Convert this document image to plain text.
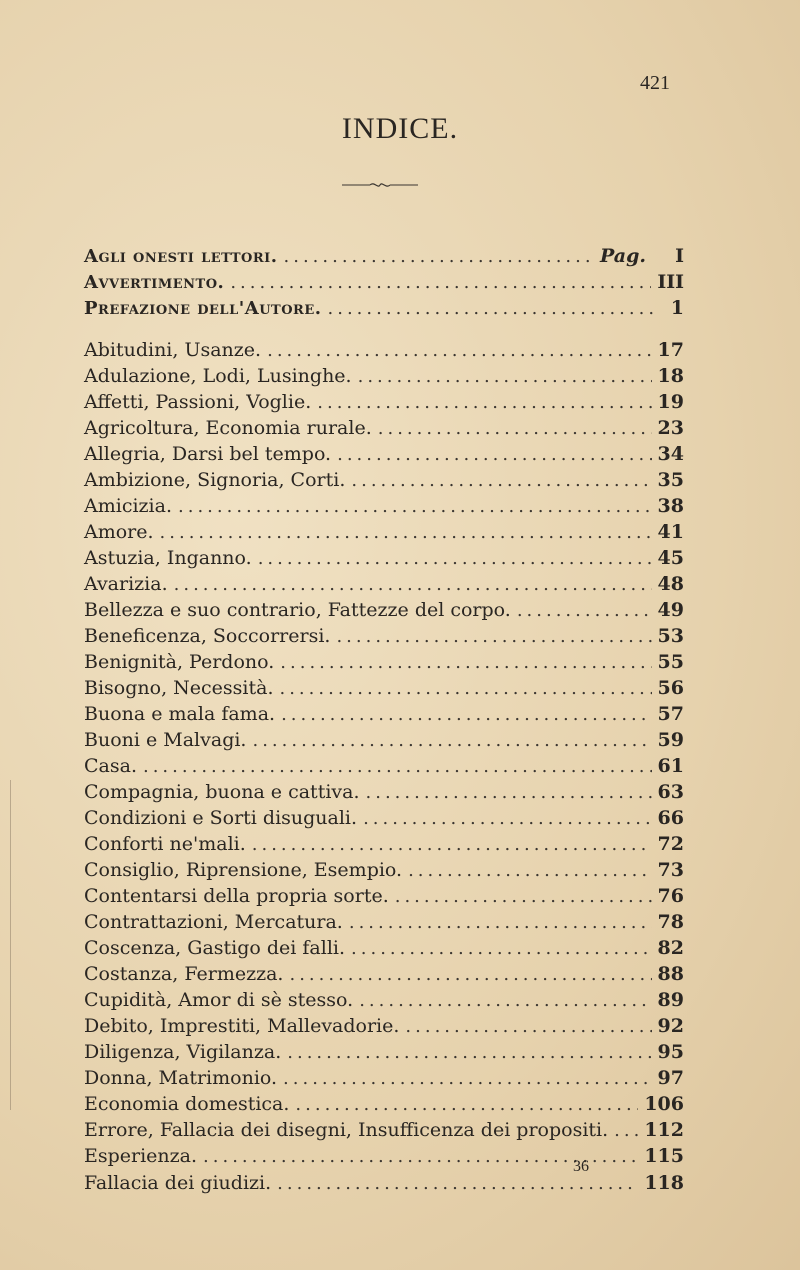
421
INDICE.
Agli onesti lettori. .....	Pag.	I
Avvertimento. .....	III
Prefazione dell'Autore. .....	1
Abitudini, Usanze. .....	17
Adulazione, Lodi, Lusinghe. .....	18
Affetti, Passioni, Voglie. .....	19
Agricoltura, Economia rurale. .....	23
Allegria, Darsi bel tempo. .....	34
Ambizione, Signoria, Corti. .....	35
Amicizia. .....	38
Amore. .....	41
Astuzia, Inganno. .....	45
Avarizia. .....	48
Bellezza e suo contrario, Fattezze del corpo. .....	49
Beneficenza, Soccorrersi. .....	53
Benignità, Perdono. .....	55
Bisogno, Necessità. .....	56
Buona e mala fama. .....	57
Buoni e Malvagi. .....	59
Casa. .....	61
Compagnia, buona e cattiva. .....	63
Condizioni e Sorti disuguali. .....	66
Conforti ne'mali. .....	72
Consiglio, Riprensione, Esempio. .....	73
Contentarsi della propria sorte. .....	76
Contrattazioni, Mercatura. .....	78
Coscenza, Gastigo dei falli. .....	82
Costanza, Fermezza. .....	88
Cupidità, Amor di sè stesso. .....	89
Debito, Imprestiti, Mallevadorie. .....	92
Diligenza, Vigilanza. .....	95
Donna, Matrimonio. .....	97
Economia domestica. .....	106
Errore, Fallacia dei disegni, Insufficenza dei propositi. ..... 112
Esperienza. .....	115
Fallacia dei giudizi. .....	118
36
